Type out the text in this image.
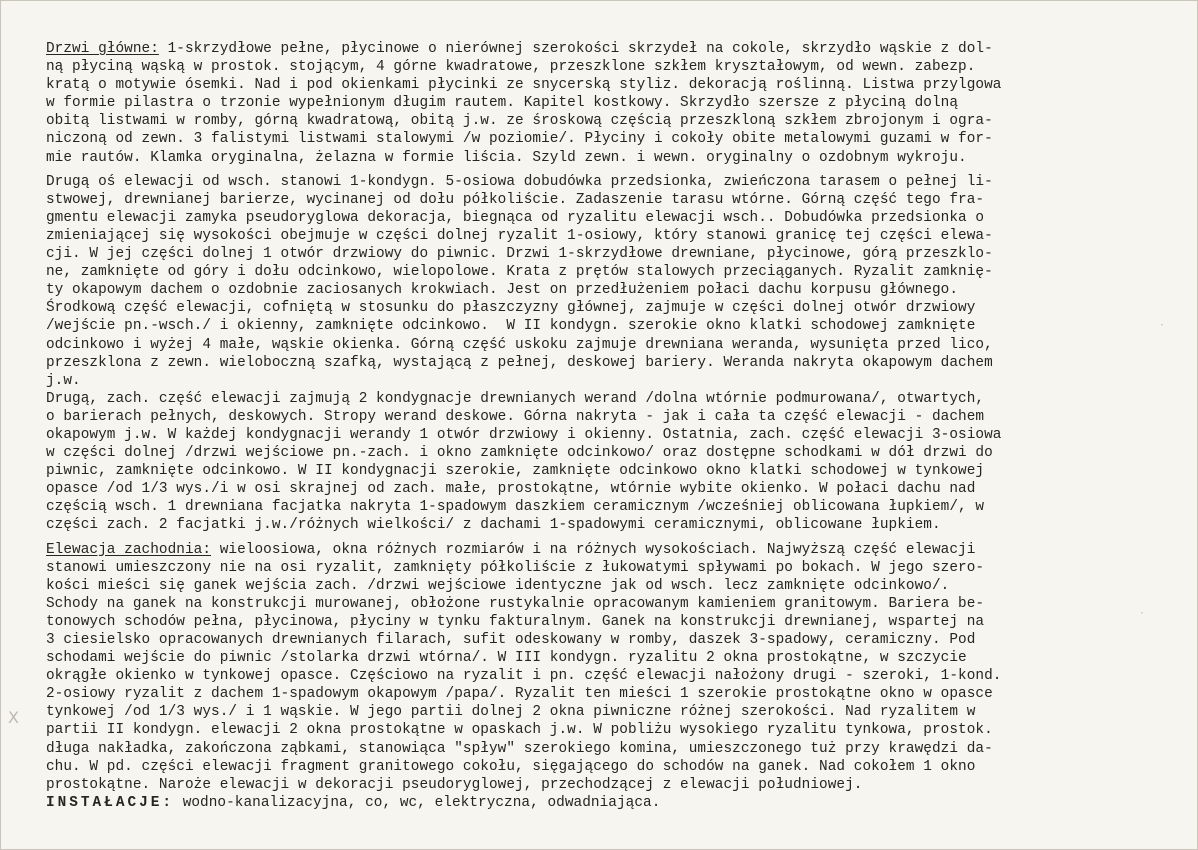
Drzwi główne: 1-skrzydłowe pełne, płycinowe o nierównej szerokości skrzydeł na cokole, skrzydło wąskie z dol-
ną płyciną wąską w prostok. stojącym, 4 górne kwadratowe, przeszklone szkłem kryształowym, od wewn. zabezp.
kratą o motywie ósemki. Nad i pod okienkami płycinki ze snycerską styliz. dekoracją roślinną. Listwa przylgowa
w formie pilastra o trzonie wypełnionym długim rautem. Kapitel kostkowy. Skrzydło szersze z płyciną dolną
obitą listwami w romby, górną kwadratową, obitą j.w. ze śroskową częścią przeszkloną szkłem zbrojonym i ogra-
niczoną od zewn. 3 falistymi listwami stalowymi /w poziomie/. Płyciny i cokoły obite metalowymi guzami w for-
mie rautów. Klamka oryginalna, żelazna w formie liścia. Szyld zewn. i wewn. oryginalny o ozdobnym wykroju.
Drugą oś elewacji od wsch. stanowi 1-kondygn. 5-osiowa dobudówka przedsionka, zwieńczona tarasem o pełnej li-
stwowej, drewnianej barierze, wycinanej od dołu półkoliście. Zadaszenie tarasu wtórne. Górną część tego fra-
gmentu elewacji zamyka pseudoryglowa dekoracja, biegnąca od ryzalitu elewacji wsch.. Dobudówka przedsionka o
zmieniającej się wysokości obejmuje w części dolnej ryzalit 1-osiowy, który stanowi granicę tej części elewa-
cji. W jej części dolnej 1 otwór drzwiowy do piwnic. Drzwi 1-skrzydłowe drewniane, płycinowe, górą przeszklo-
ne, zamknięte od góry i dołu odcinkowo, wielopolowe. Krata z prętów stalowych przeciąganych. Ryzalit zamknię-
ty okapowym dachem o ozdobnie zaciosanych krokwiach. Jest on przedłużeniem połaci dachu korpusu głównego.
Środkową część elewacji, cofniętą w stosunku do płaszczyzny głównej, zajmuje w części dolnej otwór drzwiowy
/wejście pn.-wsch./ i okienny, zamknięte odcinkowo.  W II kondygn. szerokie okno klatki schodowej zamknięte
odcinkowo i wyżej 4 małe, wąskie okienka. Górną część uskoku zajmuje drewniana weranda, wysunięta przed lico,
przeszklona z zewn. wieloboczną szafką, wystającą z pełnej, deskowej bariery. Weranda nakryta okapowym dachem
j.w.
Drugą, zach. część elewacji zajmują 2 kondygnacje drewnianych werand /dolna wtórnie podmurowana/, otwartych,
o barierach pełnych, deskowych. Stropy werand deskowe. Górna nakryta - jak i cała ta część elewacji - dachem
okapowym j.w. W każdej kondygnacji werandy 1 otwór drzwiowy i okienny. Ostatnia, zach. część elewacji 3-osiowa
w części dolnej /drzwi wejściowe pn.-zach. i okno zamknięte odcinkowo/ oraz dostępne schodkami w dół drzwi do
piwnic, zamknięte odcinkowo. W II kondygnacji szerokie, zamknięte odcinkowo okno klatki schodowej w tynkowej
opasce /od 1/3 wys./i w osi skrajnej od zach. małe, prostokątne, wtórnie wybite okienko. W połaci dachu nad
częścią wsch. 1 drewniana facjatka nakryta 1-spadowym daszkiem ceramicznym /wcześniej oblicowana łupkiem/, w
części zach. 2 facjatki j.w./różnych wielkości/ z dachami 1-spadowymi ceramicznymi, oblicowane łupkiem.
Elewacja zachodnia: wieloosiowa, okna różnych rozmiarów i na różnych wysokościach. Najwyższą część elewacji
stanowi umieszczony nie na osi ryzalit, zamknięty półkoliście z łukowatymi spływami po bokach. W jego szero-
kości mieści się ganek wejścia zach. /drzwi wejściowe identyczne jak od wsch. lecz zamknięte odcinkowo/.
Schody na ganek na konstrukcji murowanej, obłożone rustykalnie opracowanym kamieniem granitowym. Bariera be-
tonowych schodów pełna, płycinowa, płyciny w tynku fakturalnym. Ganek na konstrukcji drewnianej, wspartej na
3 ciesielsko opracowanych drewnianych filarach, sufit odeskowany w romby, daszek 3-spadowy, ceramiczny. Pod
schodami wejście do piwnic /stolarka drzwi wtórna/. W III kondygn. ryzalitu 2 okna prostokątne, w szczycie
okrągłe okienko w tynkowej opasce. Częściowo na ryzalit i pn. część elewacji nałożony drugi - szeroki, 1-kond.
2-osiowy ryzalit z dachem 1-spadowym okapowym /papa/. Ryzalit ten mieści 1 szerokie prostokątne okno w opasce
tynkowej /od 1/3 wys./ i 1 wąskie. W jego partii dolnej 2 okna piwniczne różnej szerokości. Nad ryzalitem w
partii II kondygn. elewacji 2 okna prostokątne w opaskach j.w. W pobliżu wysokiego ryzalitu tynkowa, prostok.
długa nakładka, zakończona ząbkami, stanowiąca "spływ" szerokiego komina, umieszczonego tuż przy krawędzi da-
chu. W pd. części elewacji fragment granitowego cokołu, sięgającego do schodów na ganek. Nad cokołem 1 okno
prostokątne. Naroże elewacji w dekoracji pseudoryglowej, przechodzącej z elewacji południowej.
INSTAŁACJE: wodno-kanalizacyjna, co, wc, elektryczna, odwadniająca.
X
·
·
